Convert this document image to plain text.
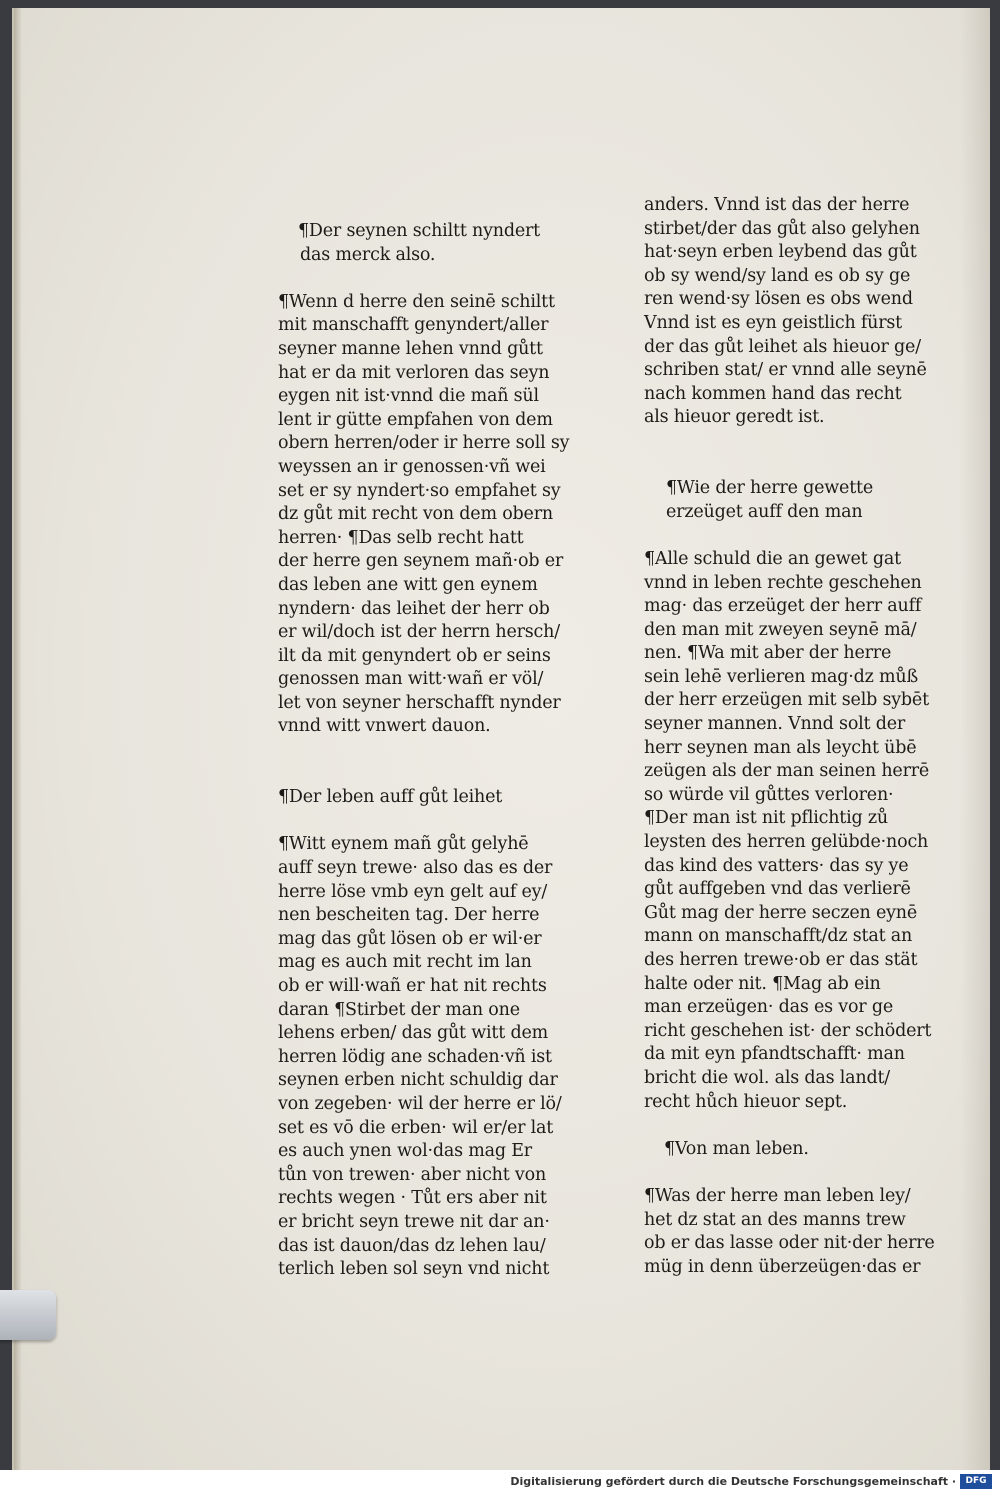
¶Der seynen schiltt nyndert
das merck also.
¶Wenn d herre den seinē schiltt
mit manschafft genyndert/aller
seyner manne lehen vnnd gůtt
hat er da mit verloren das seyn
eygen nit ist·vnnd die mañ sül
lent ir gütte empfahen von dem
obern herren/oder ir herre soll sy
weyssen an ir genossen·vñ wei
set er sy nyndert·so empfahet sy
dz gůt mit recht von dem obern
herren· ¶Das selb recht hatt
der herre gen seynem mañ·ob er
das leben ane witt gen eynem
nyndern· das leihet der herr ob
er wil/doch ist der herrn hersch/
ilt da mit genyndert ob er seins
genossen man witt·wañ er völ/
let von seyner herschafft nynder
vnnd witt vnwert dauon.
¶Der leben auff gůt leihet
¶Witt eynem mañ gůt gelyhē
auff seyn trewe· also das es der
herre löse vmb eyn gelt auf ey/
nen bescheiten tag. Der herre
mag das gůt lösen ob er wil·er
mag es auch mit recht im lan
ob er will·wañ er hat nit rechts
daran ¶Stirbet der man one
lehens erben/ das gůt witt dem
herren lödig ane schaden·vñ ist
seynen erben nicht schuldig dar
von zegeben· wil der herre er lö/
set es vō die erben· wil er/er lat
es auch ynen wol·das mag Er
tůn von trewen· aber nicht von
rechts wegen · Tůt ers aber nit
er bricht seyn trewe nit dar an·
das ist dauon/das dz lehen lau/
terlich leben sol seyn vnd nicht
anders. Vnnd ist das der herre
stirbet/der das gůt also gelyhen
hat·seyn erben leybend das gůt
ob sy wend/sy land es ob sy ge
ren wend·sy lösen es obs wend
Vnnd ist es eyn geistlich fürst
der das gůt leihet als hieuor ge/
schriben stat/ er vnnd alle seynē
nach kommen hand das recht
als hieuor geredt ist.
¶Wie der herre gewette
erzeüget auff den man
¶Alle schuld die an gewet gat
vnnd in leben rechte geschehen
mag· das erzeüget der herr auff
den man mit zweyen seynē mā/
nen. ¶Wa mit aber der herre
sein lehē verlieren mag·dz můß
der herr erzeügen mit selb sybēt
seyner mannen. Vnnd solt der
herr seynen man als leycht übē
zeügen als der man seinen herrē
so würde vil gůttes verloren·
¶Der man ist nit pflichtig zů
leysten des herren gelübde·noch
das kind des vatters· das sy ye
gůt auffgeben vnd das verlierē
Gůt mag der herre seczen eynē
mann on manschafft/dz stat an
des herren trewe·ob er das stät
halte oder nit. ¶Mag ab ein
man erzeügen· das es vor ge
richt geschehen ist· der schödert
da mit eyn pfandtschafft· man
bricht die wol. als das landt/
recht hůch hieuor sept.
¶Von man leben.
¶Was der herre man leben ley/
het dz stat an des manns trew
ob er das lasse oder nit·der herre
müg in denn überzeügen·das er
Digitalisierung gefördert durch die Deutsche Forschungsgemeinschaft ·	DFG
